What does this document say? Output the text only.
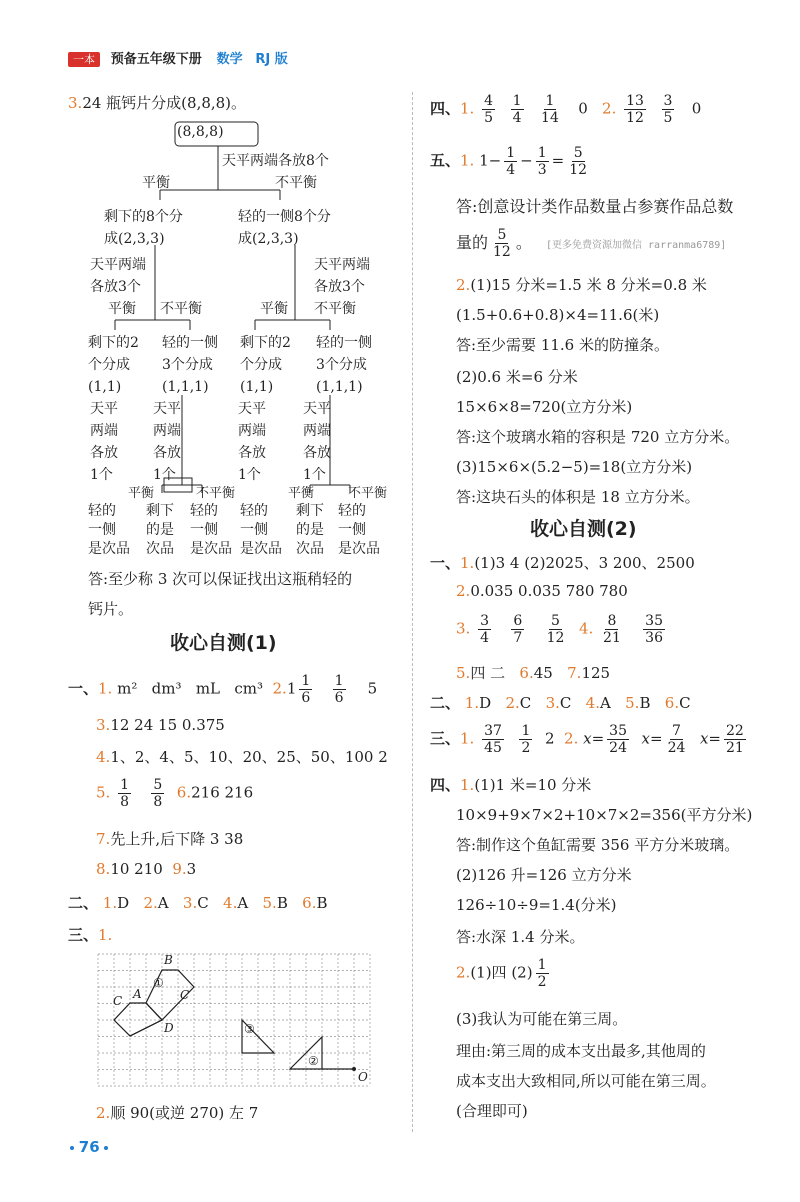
一本 预备五年级下册 数学 RJ 版
3.24 瓶钙片分成(8,8,8)。
(8,8,8)
天平两端各放8个
平衡	不平衡
剩下的8个分
成(2,3,3)
轻的一侧8个分
成(2,3,3)
天平两端
各放3个
天平两端
各放3个
平衡 不平衡	平衡 不平衡
剩下的2
个分成
(1,1)
轻的一侧
3个分成
(1,1,1)
剩下的2
个分成
(1,1)
轻的一侧
3个分成
(1,1,1)
天平
两端
各放
1个
天平
两端
各放
1个
天平
两端
各放
1个
天平
两端
各放
1个
平衡	不平衡	平衡	不平衡
轻的
一侧
是次品
剩下
的是
次品
轻的
一侧
是次品
轻的
一侧
是次品
剩下
的是
次品
轻的
一侧
是次品
答:至少称 3 次可以保证找出这瓶稍轻的
钙片。
收心自测(1)
一、1. m² dm³ mL cm³ $2.1 \frac{1}{6}$
$\frac{1}{6} 5$
3.12 24 15 0.375
4.1、2、4、5、10、20、25、50、100 2
5. $\frac{1}{8}$
$\frac{5}{8} 6.216$ 216
7.先上升,后下降 3 38
8.10 210 9.3
二、 1.D 2.A 3.C 4.A 5.B 6.B
三、1.
B
A	C
C
D
O
①
②
③
2.顺 90(或逆 270) 左 7
76
四、1. $\frac{4}{5}$
$\frac{1}{4}$
$\frac{1}{14} 0$ 2. $\frac{13}{12}$
$\frac{3}{5} 0$
五、1. $1- \frac{1}{4} - \frac{1}{3} = \frac{5}{12}$
答:创意设计类作品数量占参赛作品总数
量的 $\frac{5}{12}$ 。 [更多免费资源加微信 rarranma6789]
2.(1)15 分米=1.5 米 8 分米=0.8 米
(1.5+0.6+0.8)×4=11.6(米)
答:至少需要 11.6 米的防撞条。
(2)0.6 米=6 分米
15×6×8=720(立方分米)
答:这个玻璃水箱的容积是 720 立方分米。
(3)15×6×(5.2−5)=18(立方分米)
答:这块石头的体积是 18 立方分米。
收心自测(2)
一、1.(1)3 4 (2)2025、3 200、2500
2.0.035 0.035 780 780
3. $\frac{3}{4}$
$\frac{6}{7}$
$\frac{5}{12} 4$. $\frac{8}{21}$
$\frac{35}{36}$
5.四 二 6.45 7.125
二、 1.D 2.C 3.C 4.A 5.B 6.C
三、1. $\frac{37}{45}$
$\frac{1}{2} 2$ 2. $x= \frac{35}{24} x= \frac{7}{24} x= \frac{22}{21}$
四、1.(1)1 米=10 分米
10×9+9×7×2+10×7×2=356(平方分米)
答:制作这个鱼缸需要 356 平方分米玻璃。
(2)126 升=126 立方分米
126÷10÷9=1.4(分米)
答:水深 1.4 分米。
2.(1)四 $(2) \frac{1}{2}$
(3)我认为可能在第三周。
理由:第三周的成本支出最多,其他周的
成本支出大致相同,所以可能在第三周。
(合理即可)
